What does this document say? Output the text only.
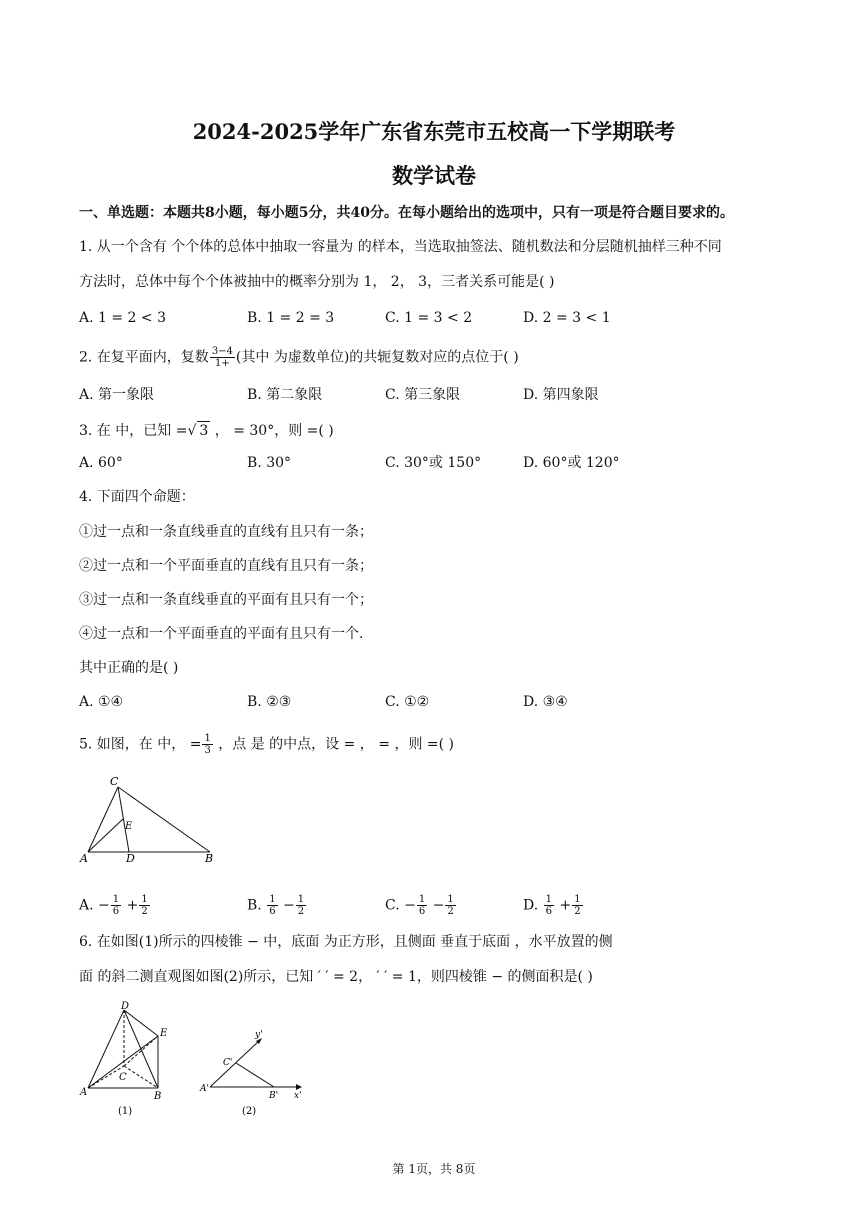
2024-2025学年广东省东莞市五校高一下学期联考
数学试卷
一、单选题：本题共8小题，每小题5分，共40分。在每小题给出的选项中，只有一项是符合题目要求的。
1. 从一个含有 个个体的总体中抽取一容量为 的样本，当选取抽签法、随机数法和分层随机抽样三种不同
方法时，总体中每个个体被抽中的概率分别为 1， 2， 3，三者关系可能是( )
A. 1 = 2 < 3	B. 1 = 2 = 3	C. 1 = 3 < 2	D. 2 = 3 < 1
2. 在复平面内，复数 $\frac{3-4}{1+}$ (其中 为虚数单位)的共轭复数对应的点位于( )
A. 第一象限	B. 第二象限	C. 第三象限	D. 第四象限
3. 在 中，已知 =√ 3 ， = 30°，则 =( )
A. 60°	B. 30°	C. 30°或 150°	D. 60°或 120°
4. 下面四个命题：
①过一点和一条直线垂直的直线有且只有一条；
②过一点和一个平面垂直的直线有且只有一条；
③过一点和一条直线垂直的平面有且只有一个；
④过一点和一个平面垂直的平面有且只有一个.
其中正确的是( )
A. ①④	B. ②③	C. ①②	D. ③④
5. 如图，在 中， = $\frac{1}{3}$ ，点 是 的中点，设 = ， = ，则 =( )
C
E
A	D	B
A. − $\frac{1}{6} + \frac{1}{2}$	B. $\frac{1}{6} - \frac{1}{2}$	C. − $\frac{1}{6} - \frac{1}{2}$	D. $\frac{1}{6} + \frac{1}{2}$
6. 在如图(1)所示的四棱锥 − 中，底面 为正方形，且侧面 垂直于底面 ，水平放置的侧
面 的斜二测直观图如图(2)所示，已知 ′ ′ = 2， ′ ′ = 1，则四棱锥 − 的侧面积是( )
D
E
C
A	B
(1)
y'
C'
A'
B' x'
(2)
第 1页，共 8页
